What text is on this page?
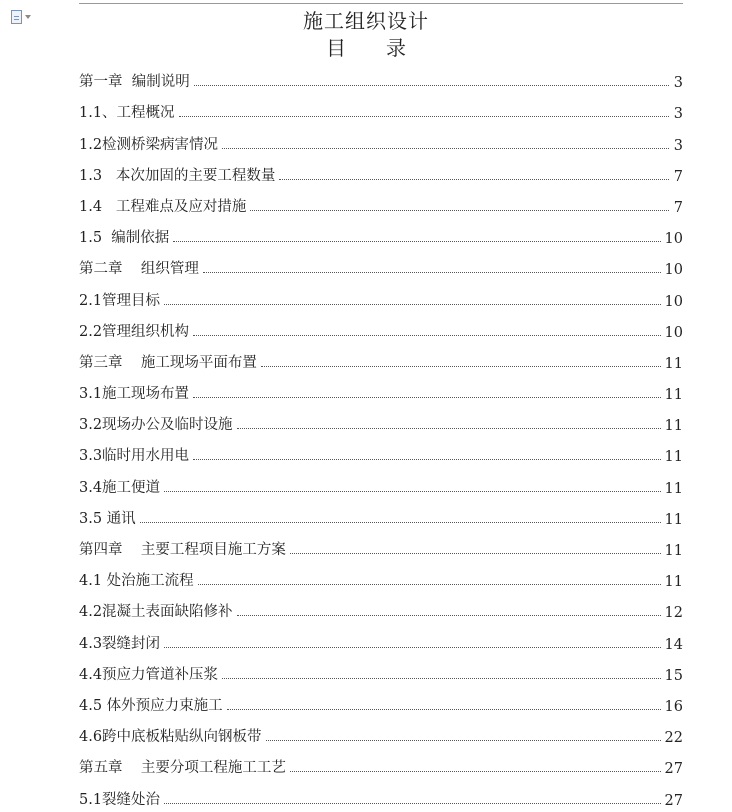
施工组织设计
目　　录
第一章  编制说明	3
1.1、工程概况	3
1.2检测桥梁病害情况	3
1.3   本次加固的主要工程数量	7
1.4   工程难点及应对措施	7
1.5  编制依据	10
第二章    组织管理	10
2.1管理目标	10
2.2管理组织机构	10
第三章    施工现场平面布置	11
3.1施工现场布置	11
3.2现场办公及临时设施	11
3.3临时用水用电	11
3.4施工便道	11
3.5 通讯	11
第四章    主要工程项目施工方案	11
4.1 处治施工流程	11
4.2混凝土表面缺陷修补	12
4.3裂缝封闭	14
4.4预应力管道补压浆	15
4.5 体外预应力束施工	16
4.6跨中底板粘贴纵向钢板带	22
第五章    主要分项工程施工工艺	27
5.1裂缝处治	27
